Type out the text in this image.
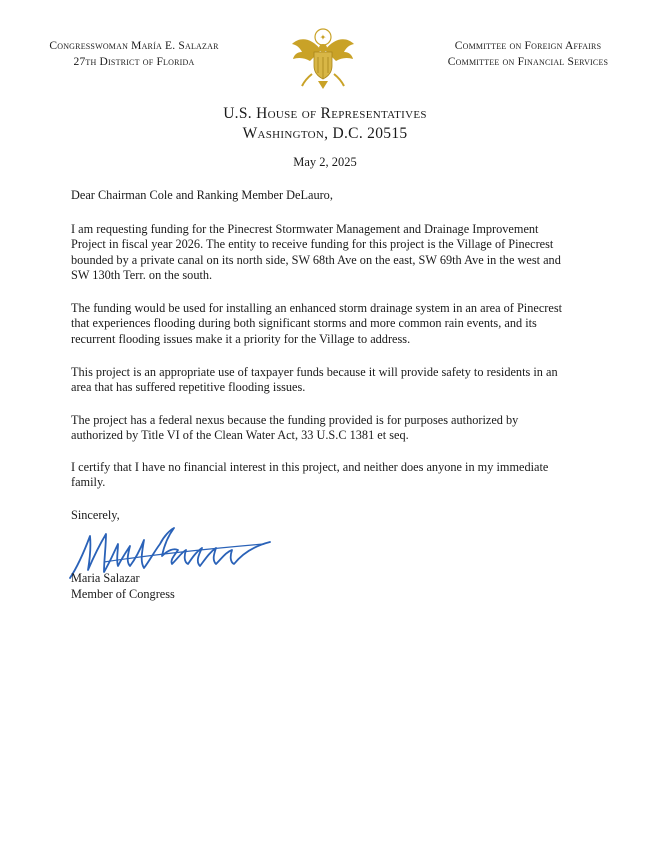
Congresswoman María E. Salazar
27th District of Florida
✦
Committee on Foreign Affairs
Committee on Financial Services
U.S. House of Representatives
Washington, D.C. 20515
May 2, 2025
Dear Chairman Cole and Ranking Member DeLauro,
I am requesting funding for the Pinecrest Stormwater Management and Drainage Improvement Project in fiscal year 2026. The entity to receive funding for this project is the Village of Pinecrest bounded by a private canal on its north side, SW 68th Ave on the east, SW 69th Ave in the west and SW 130th Terr. on the south.
The funding would be used for installing an enhanced storm drainage system in an area of Pinecrest that experiences flooding during both significant storms and more common rain events, and its recurrent flooding issues make it a priority for the Village to address.
This project is an appropriate use of taxpayer funds because it will provide safety to residents in an area that has suffered repetitive flooding issues.
The project has a federal nexus because the funding provided is for purposes authorized by authorized by Title VI of the Clean Water Act, 33 U.S.C 1381 et seq.
I certify that I have no financial interest in this project, and neither does anyone in my immediate family.
Sincerely,
Maria Salazar
Member of Congress
